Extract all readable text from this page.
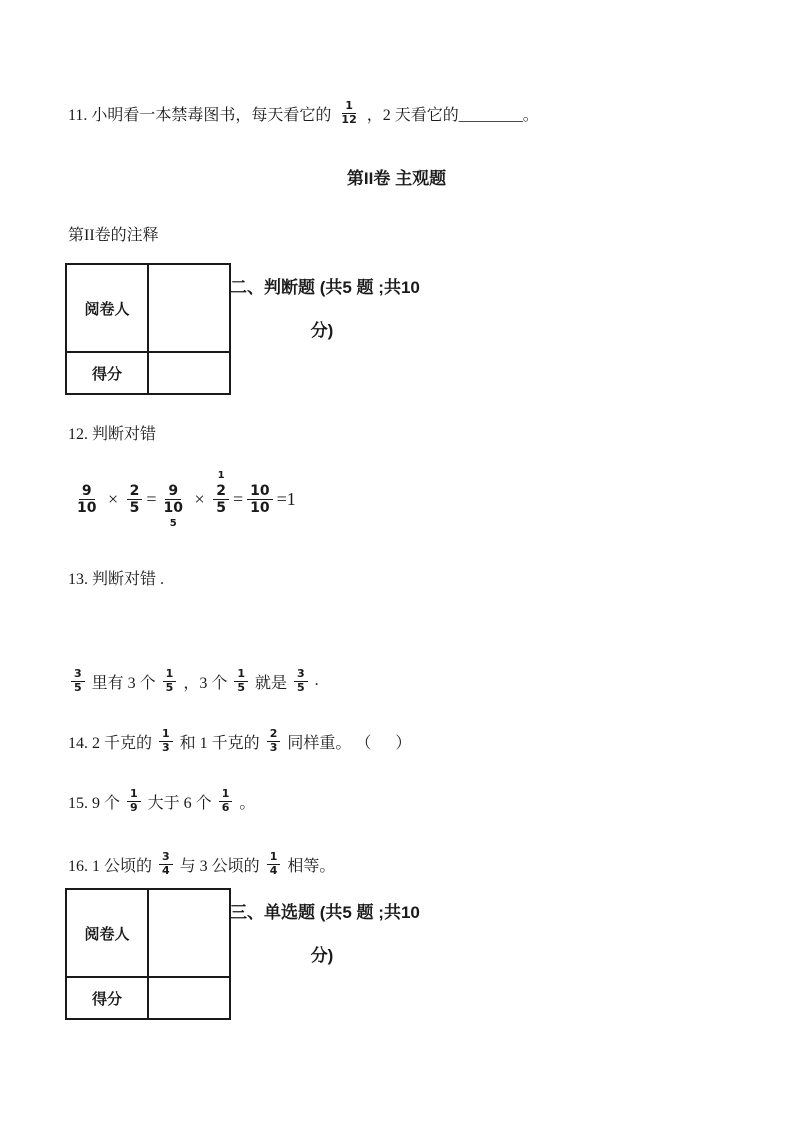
11. 小明看一本禁毒图书，每天看它的 $\frac{1}{12}$ ，2 天看它的________。
第II卷 主观题
第II卷的注释
阅卷人	
得分	
二、判断题 (共5 题 ;共10
分)
12. 判断对错
$\frac{9}{10} \times \frac{2}{5} = \frac{9}{10}$
5
×
1
$\frac{2}{5} = \frac{10}{10} =1$
13. 判断对错 .
$\frac{3}{5}$ 里有 3 个 $\frac{1}{5}$ ，3 个 $\frac{1}{5}$ 就是 $\frac{3}{5}$ .
14. 2 千克的 $\frac{1}{3}$ 和 1 千克的 $\frac{2}{3}$ 同样重。 （      ）
15. 9 个 $\frac{1}{9}$ 大于 6 个 $\frac{1}{6}$ 。
16. 1 公顷的 $\frac{3}{4}$ 与 3 公顷的 $\frac{1}{4}$ 相等。
阅卷人	
得分	
三、单选题 (共5 题 ;共10
分)
